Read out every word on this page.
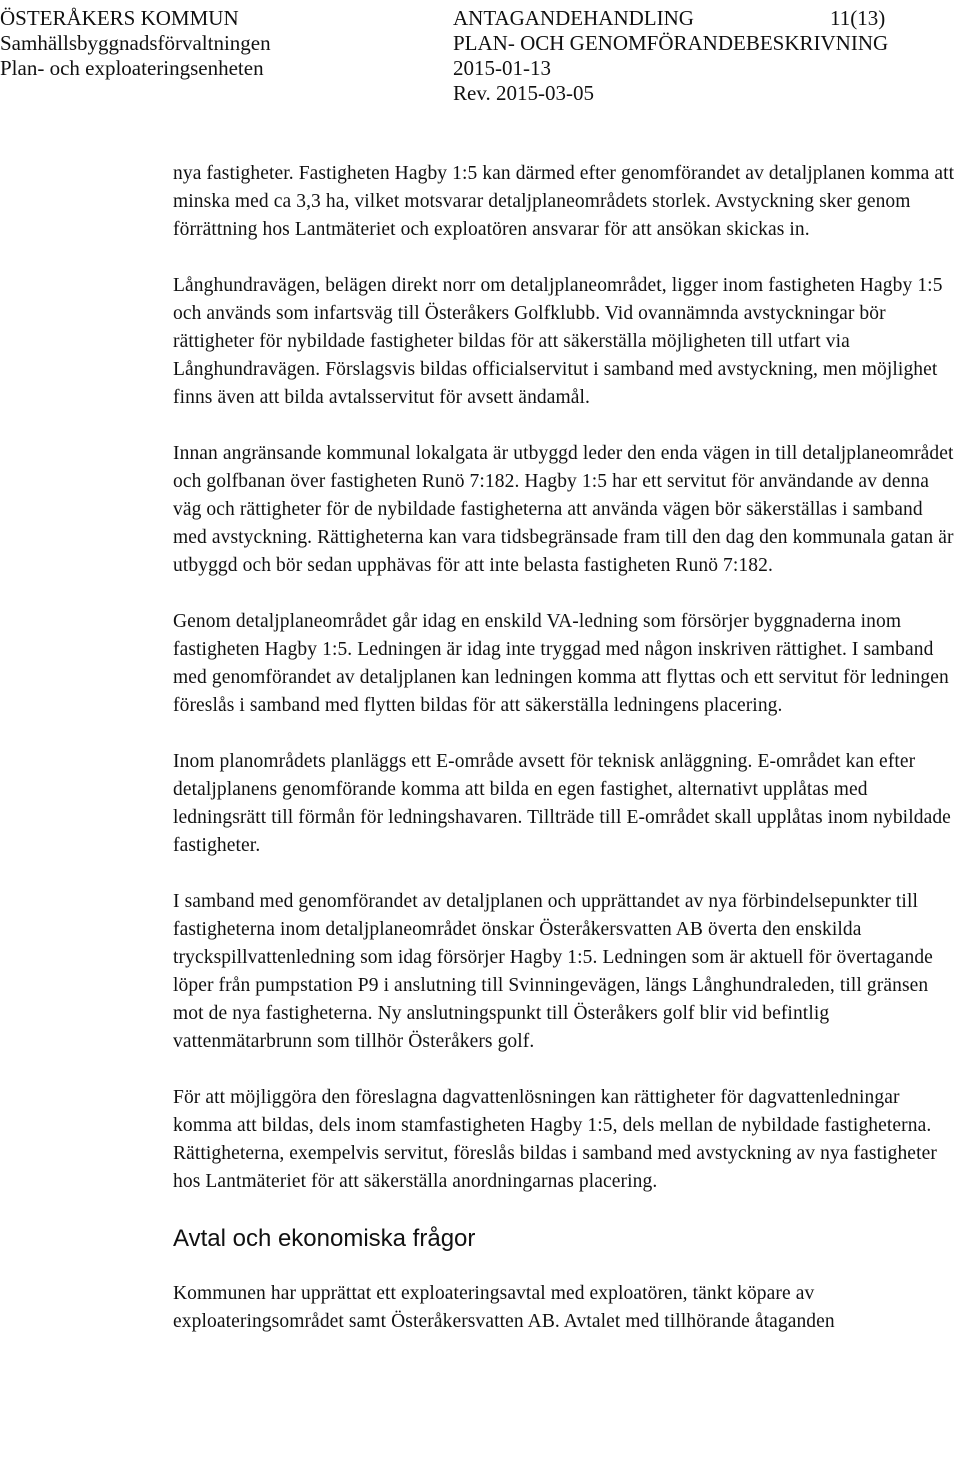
ÖSTERÅKERS KOMMUN
Samhällsbyggnadsförvaltningen
Plan- och exploateringsenheten
ANTAGANDEHANDLING
PLAN- OCH GENOMFÖRANDEBESKRIVNING
2015-01-13
Rev. 2015-03-05
11(13)

nya fastigheter. Fastigheten Hagby 1:5 kan därmed efter genomförandet av detaljplanen komma att minska med ca 3,3 ha, vilket motsvarar detaljplaneområdets storlek. Avstyckning sker genom förrättning hos Lantmäteriet och exploatören ansvarar för att ansökan skickas in.

Långhundravägen, belägen direkt norr om detaljplaneområdet, ligger inom fastigheten Hagby 1:5 och används som infartsväg till Österåkers Golfklubb. Vid ovannämnda avstyckningar bör rättigheter för nybildade fastigheter bildas för att säkerställa möjligheten till utfart via Långhundravägen. Förslagsvis bildas officialservitut i samband med avstyckning, men möjlighet finns även att bilda avtalsservitut för avsett ändamål.

Innan angränsande kommunal lokalgata är utbyggd leder den enda vägen in till detaljplaneområdet och golfbanan över fastigheten Runö 7:182. Hagby 1:5 har ett servitut för användande av denna väg och rättigheter för de nybildade fastigheterna att använda vägen bör säkerställas i samband med avstyckning. Rättigheterna kan vara tidsbegränsade fram till den dag den kommunala gatan är utbyggd och bör sedan upphävas för att inte belasta fastigheten Runö 7:182.

Genom detaljplaneområdet går idag en enskild VA-ledning som försörjer byggnaderna inom fastigheten Hagby 1:5. Ledningen är idag inte tryggad med någon inskriven rättighet. I samband med genomförandet av detaljplanen kan ledningen komma att flyttas och ett servitut för ledningen föreslås i samband med flytten bildas för att säkerställa ledningens placering.

Inom planområdets planläggs ett E-område avsett för teknisk anläggning. E-området kan efter detaljplanens genomförande komma att bilda en egen fastighet, alternativt upplåtas med ledningsrätt till förmån för ledningshavaren. Tillträde till E-området skall upplåtas inom nybildade fastigheter.

I samband med genomförandet av detaljplanen och upprättandet av nya förbindelsepunkter till fastigheterna inom detaljplaneområdet önskar Österåkersvatten AB överta den enskilda tryckspillvattenledning som idag försörjer Hagby 1:5. Ledningen som är aktuell för övertagande löper från pumpstation P9 i anslutning till Svinningevägen, längs Långhundraleden, till gränsen mot de nya fastigheterna. Ny anslutningspunkt till Österåkers golf blir vid befintlig vattenmätarbrunn som tillhör Österåkers golf.

För att möjliggöra den föreslagna dagvattenlösningen kan rättigheter för dagvattenledningar komma att bildas, dels inom stamfastigheten Hagby 1:5, dels mellan de nybildade fastigheterna. Rättigheterna, exempelvis servitut, föreslås bildas i samband med avstyckning av nya fastigheter hos Lantmäteriet för att säkerställa anordningarnas placering.

Avtal och ekonomiska frågor

Kommunen har upprättat ett exploateringsavtal med exploatören, tänkt köpare av exploateringsområdet samt Österåkersvatten AB. Avtalet med tillhörande åtaganden
